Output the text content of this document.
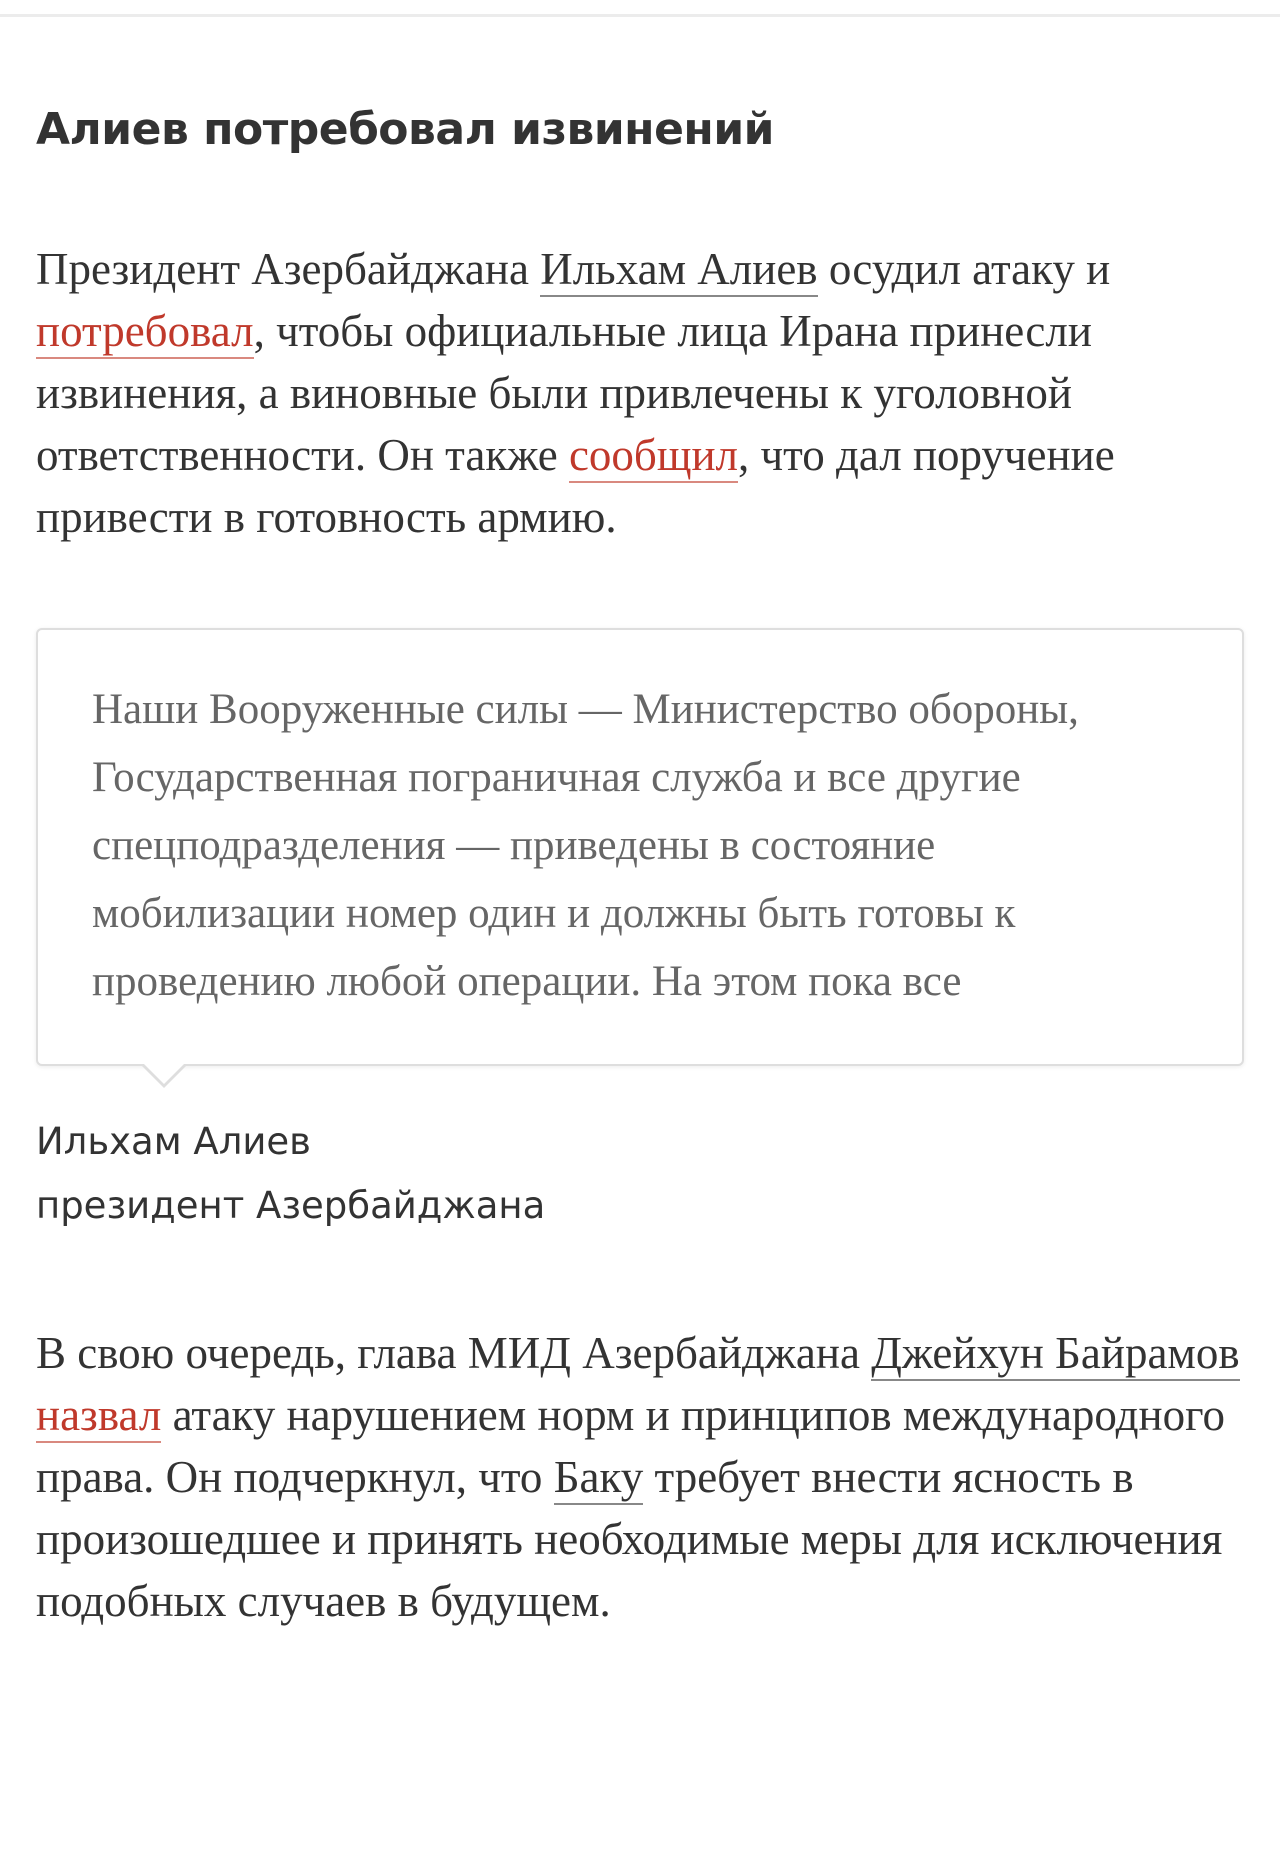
Алиев потребовал извинений

Президент Азербайджана Ильхам Алиев осудил атаку и потребовал, чтобы официальные лица Ирана принесли извинения, а виновные были привлечены к уголовной ответственности. Он также сообщил, что дал поручение привести в готовность армию.

Наши Вооруженные силы — Министерство обороны, Государственная пограничная служба и все другие спецподразделения — приведены в состояние мобилизации номер один и должны быть готовы к проведению любой операции. На этом пока все

Ильхам Алиев
президент Азербайджана

В свою очередь, глава МИД Азербайджана Джейхун Байрамов назвал атаку нарушением норм и принципов международного права. Он подчеркнул, что Баку требует внести ясность в произошедшее и принять необходимые меры для исключения подобных случаев в будущем.
